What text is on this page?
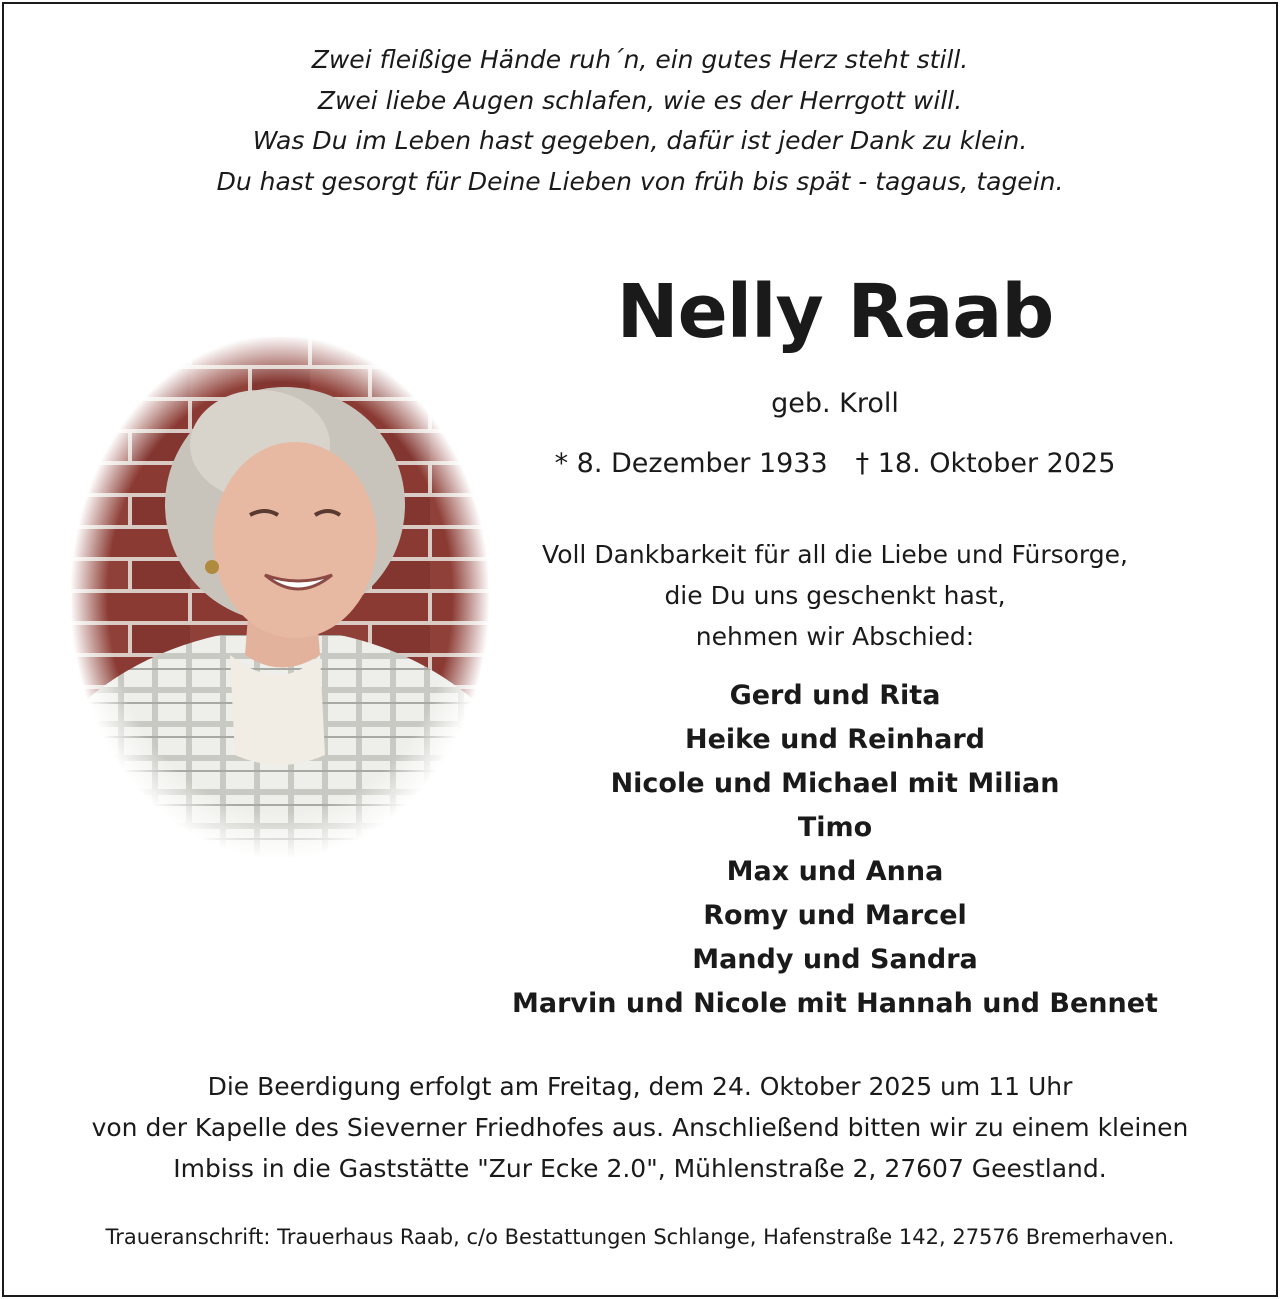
Zwei fleißige Hände ruh´n, ein gutes Herz steht still.
Zwei liebe Augen schlafen, wie es der Herrgott will.
Was Du im Leben hast gegeben, dafür ist jeder Dank zu klein.
Du hast gesorgt für Deine Lieben von früh bis spät - tagaus, tagein.
Nelly Raab
geb. Kroll
* 8. Dezember 1933 † 18. Oktober 2025
Voll Dankbarkeit für all die Liebe und Fürsorge,
die Du uns geschenkt hast,
nehmen wir Abschied:
Gerd und Rita
Heike und Reinhard
Nicole und Michael mit Milian
Timo
Max und Anna
Romy und Marcel
Mandy und Sandra
Marvin und Nicole mit Hannah und Bennet
Die Beerdigung erfolgt am Freitag, dem 24. Oktober 2025 um 11 Uhr
von der Kapelle des Sieverner Friedhofes aus. Anschließend bitten wir zu einem kleinen
Imbiss in die Gaststätte "Zur Ecke 2.0", Mühlenstraße 2, 27607 Geestland.
Traueranschrift: Trauerhaus Raab, c/o Bestattungen Schlange, Hafenstraße 142, 27576 Bremerhaven.
